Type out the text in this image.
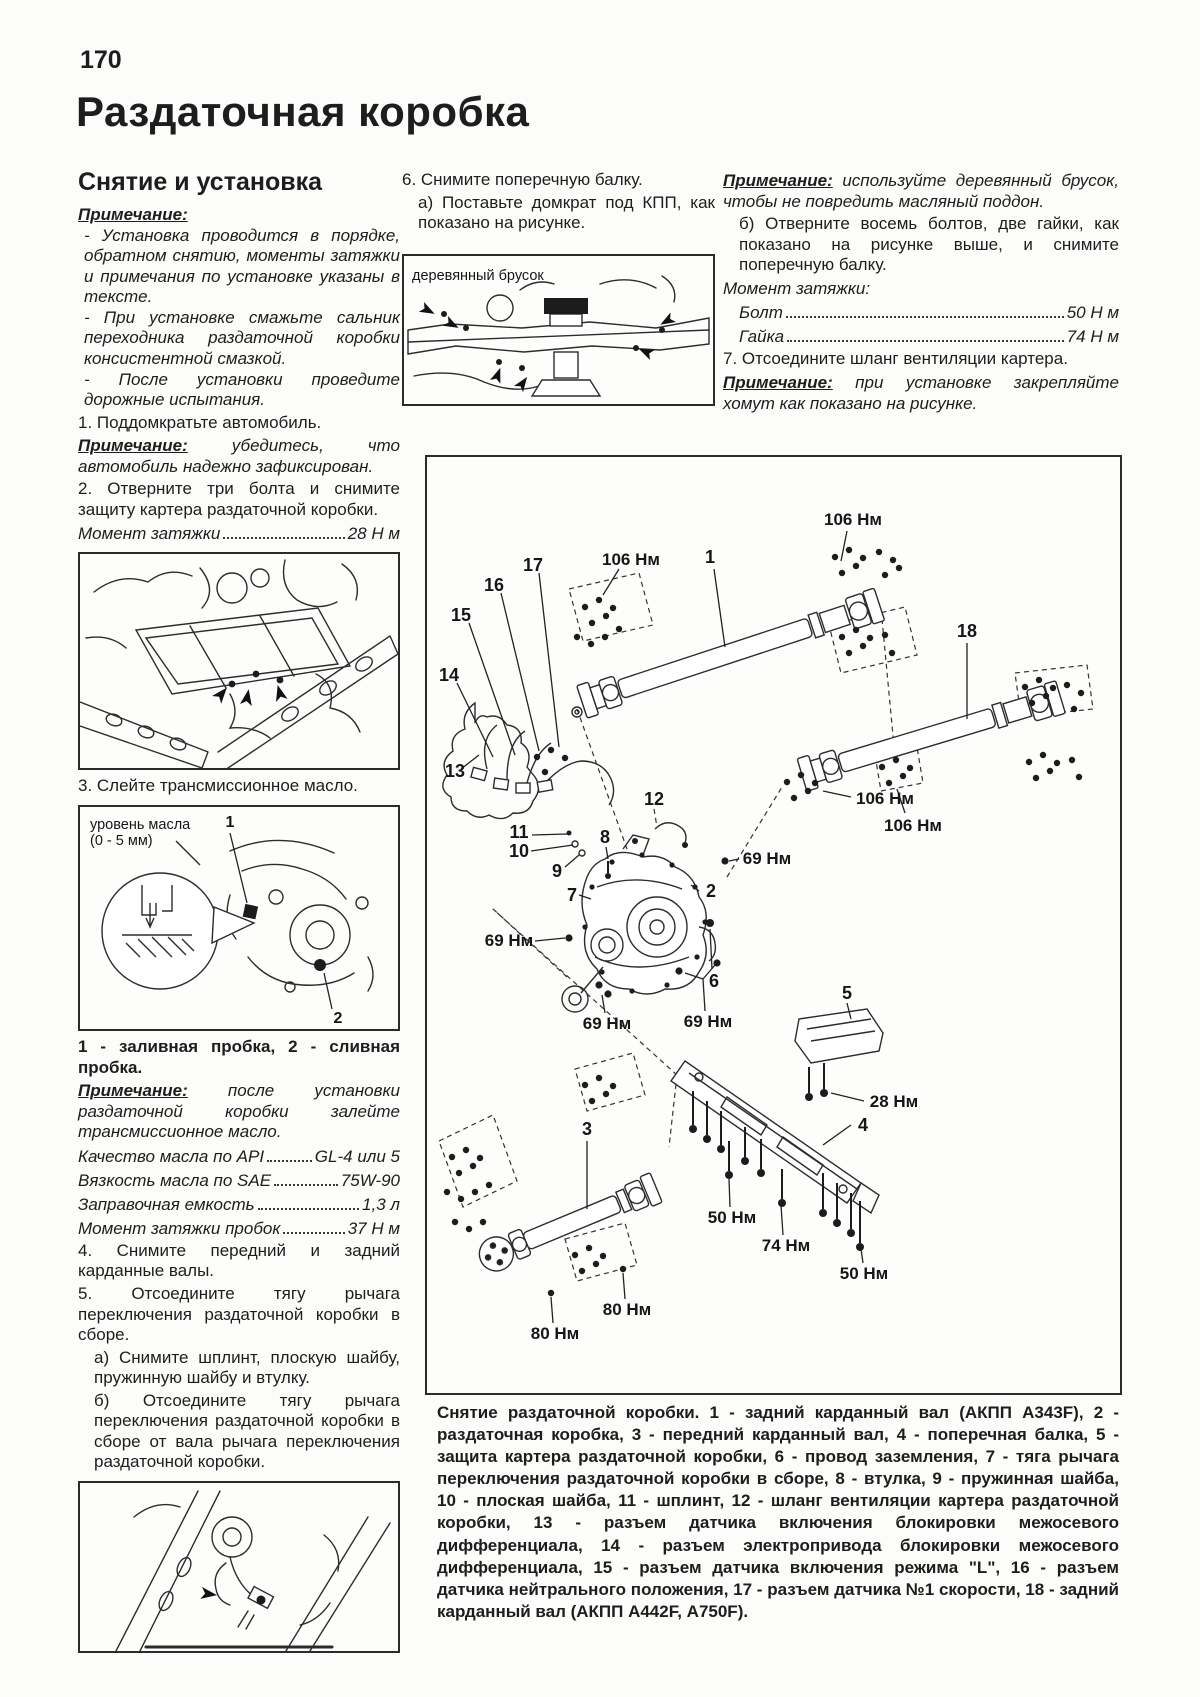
170
Раздаточная коробка
Снятие и установка

Примечание:

- Установка проводится в порядке, обратном снятию, моменты затяжки и примечания по установке указаны в тексте.

- При установке смажьте сальник переходника раздаточной коробки консистентной смазкой.

- После установки проведите дорожные испытания.

1. Поддомкратьте автомобиль.

Примечание:	убедитесь, что автомобиль надежно зафиксирован.

2. Отверните три болта и снимите защиту картера раздаточной коробки.

Момент затяжки	28 Н м

3. Слейте трансмиссионное масло.

уровень масла
(0 - 5 мм)
1
2

1 - заливная пробка, 2 - сливная пробка.

Примечание: после установки раздаточной коробки залейте трансмиссионное масло.

Качество масла по API	GL-4 или 5
Вязкость масла по SAE	75W-90
Заправочная емкость	1,3 л
Момент затяжки пробок	37 Н м

4. Снимите передний и задний карданные валы.

5. Отсоедините тягу рычага переключения раздаточной коробки в сборе.

а) Снимите шплинт, плоскую шайбу, пружинную шайбу и втулку.

б) Отсоедините тягу рычага переключения раздаточной коробки в сборе от вала рычага переключения раздаточной коробки.

6. Снимите поперечную балку.

а) Поставьте домкрат под КПП, как показано на рисунке.

деревянный брусок

Примечание: используйте деревянный брусок, чтобы не повредить масляный поддон.

б) Отверните восемь болтов, две гайки, как показано на рисунке выше, и снимите поперечную балку.

Момент затяжки:

Болт	50 Н м
Гайка	74 Н м

7. Отсоедините шланг вентиляции картера.

Примечание: при установке закрепляйте хомут как показано на рисунке.

106 Нм
106 Нм
106 Нм
106 Нм
69 Нм
69 Нм
69 Нм	69 Нм
28 Нм
50 Нм
74 Нм
50 Нм
80 Нм
80 Нм
1
2
3	4
5
6
7
8
9
10
11
12
13
14
15
16
17
18
Снятие раздаточной коробки. 1 - задний карданный вал (АКПП А343F), 2 - раздаточная коробка, 3 - передний карданный вал, 4 - поперечная балка, 5 - защита картера раздаточной коробки, 6 - провод заземления, 7 - тяга рычага переключения раздаточной коробки в сборе, 8 - втулка, 9 - пружинная шайба, 10 - плоская шайба, 11 - шплинт, 12 - шланг вентиляции картера раздаточной коробки, 13 - разъем датчика включения блокировки межосевого дифференциала, 14 - разъем электропривода блокировки межосевого дифференциала, 15 - разъем датчика включения режима "L", 16 - разъем датчика нейтрального положения, 17 - разъем датчика №1 скорости, 18 - задний карданный вал (АКПП А442F, А750F).
